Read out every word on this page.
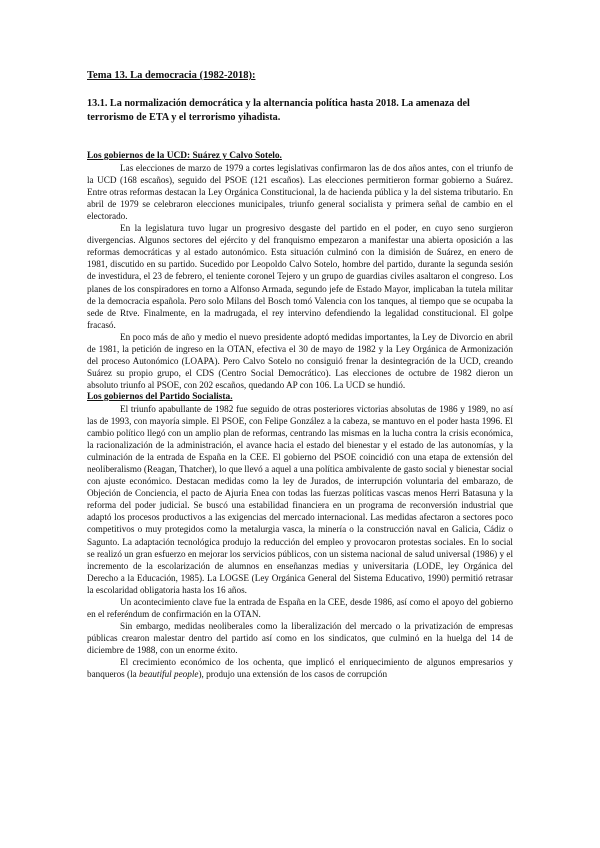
Tema 13. La democracia (1982-2018):
13.1. La normalización democrática y la alternancia política hasta 2018. La amenaza del terrorismo de ETA y el terrorismo yihadista.
Los gobiernos de la UCD: Suárez y Calvo Sotelo.

Las elecciones de marzo de 1979 a cortes legislativas confirmaron las de dos años antes, con el triunfo de la UCD (168 escaños), seguido del PSOE (121 escaños). Las elecciones permitieron formar gobierno a Suárez. Entre otras reformas destacan la Ley Orgánica Constitucional, la de hacienda pública y la del sistema tributario. En abril de 1979 se celebraron elecciones municipales, triunfo general socialista y primera señal de cambio en el electorado.

En la legislatura tuvo lugar un progresivo desgaste del partido en el poder, en cuyo seno surgieron divergencias. Algunos sectores del ejército y del franquismo empezaron a manifestar una abierta oposición a las reformas democráticas y al estado autonómico. Esta situación culminó con la dimisión de Suárez, en enero de 1981, discutido en su partido. Sucedido por Leopoldo Calvo Sotelo, hombre del partido, durante la segunda sesión de investidura, el 23 de febrero, el teniente coronel Tejero y un grupo de guardias civiles asaltaron el congreso. Los planes de los conspiradores en torno a Alfonso Armada, segundo jefe de Estado Mayor, implicaban la tutela militar de la democracia española. Pero solo Milans del Bosch tomó Valencia con los tanques, al tiempo que se ocupaba la sede de Rtve. Finalmente, en la madrugada, el rey intervino defendiendo la legalidad constitucional. El golpe fracasó.

En poco más de año y medio el nuevo presidente adoptó medidas importantes, la Ley de Divorcio en abril de 1981, la petición de ingreso en la OTAN, efectiva el 30 de mayo de 1982 y la Ley Orgánica de Armonización del proceso Autonómico (LOAPA). Pero Calvo Sotelo no consiguió frenar la desintegración de la UCD, creando Suárez su propio grupo, el CDS (Centro Social Democrático). Las elecciones de octubre de 1982 dieron un absoluto triunfo al PSOE, con 202 escaños, quedando AP con 106. La UCD se hundió.

Los gobiernos del Partido Socialista.

El triunfo apabullante de 1982 fue seguido de otras posteriores victorias absolutas de 1986 y 1989, no así las de 1993, con mayoría simple. El PSOE, con Felipe González a la cabeza, se mantuvo en el poder hasta 1996. El cambio político llegó con un amplio plan de reformas, centrando las mismas en la lucha contra la crisis económica, la racionalización de la administración, el avance hacia el estado del bienestar y el estado de las autonomías, y la culminación de la entrada de España en la CEE. El gobierno del PSOE coincidió con una etapa de extensión del neoliberalismo (Reagan, Thatcher), lo que llevó a aquel a una política ambivalente de gasto social y bienestar social con ajuste económico. Destacan medidas como la ley de Jurados, de interrupción voluntaria del embarazo, de Objeción de Conciencia, el pacto de Ajuria Enea con todas las fuerzas políticas vascas menos Herri Batasuna y la reforma del poder judicial. Se buscó una estabilidad financiera en un programa de reconversión industrial que adaptó los procesos productivos a las exigencias del mercado internacional. Las medidas afectaron a sectores poco competitivos o muy protegidos como la metalurgia vasca, la minería o la construcción naval en Galicia, Cádiz o Sagunto. La adaptación tecnológica produjo la reducción del empleo y provocaron protestas sociales. En lo social se realizó un gran esfuerzo en mejorar los servicios públicos, con un sistema nacional de salud universal (1986) y el incremento de la escolarización de alumnos en enseñanzas medias y universitaria (LODE, ley Orgánica del Derecho a la Educación, 1985). La LOGSE (Ley Orgánica General del Sistema Educativo, 1990) permitió retrasar la escolaridad obligatoria hasta los 16 años.

Un acontecimiento clave fue la entrada de España en la CEE, desde 1986, así como el apoyo del gobierno en el referéndum de confirmación en la OTAN.

Sin embargo, medidas neoliberales como la liberalización del mercado o la privatización de empresas públicas crearon malestar dentro del partido así como en los sindicatos, que culminó en la huelga del 14 de diciembre de 1988, con un enorme éxito.

El crecimiento económico de los ochenta, que implicó el enriquecimiento de algunos empresarios y banqueros (la beautiful people), produjo una extensión de los casos de corrupción
